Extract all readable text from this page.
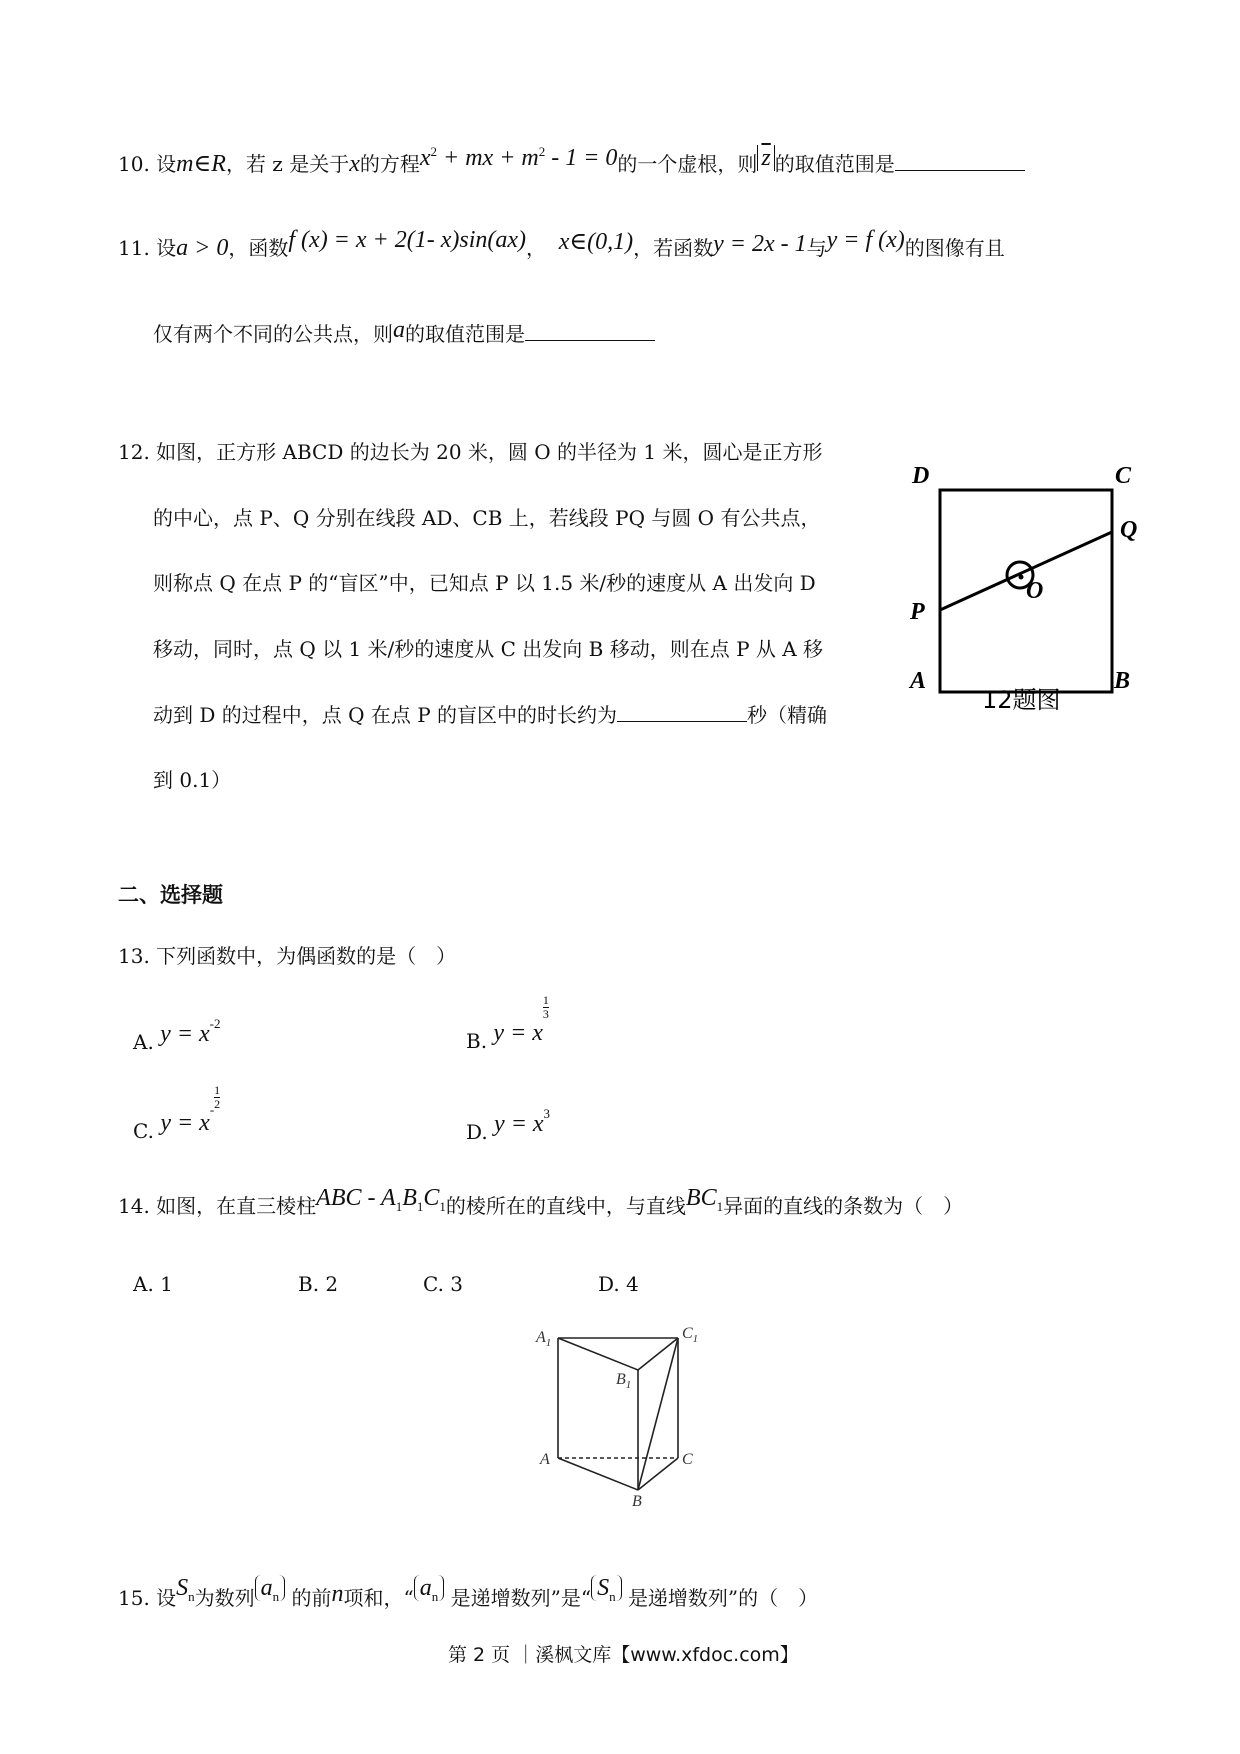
10. 设m∈R，若 z 是关于x的方程$x^2$ + mx + $m^2 - 1 = 0$的一个虚根，则 $\overline{z}$ 的取值范围是
11. 设a > 0，函数f (x) = x + 2(1- x)sin(ax)， x∈(0,1)，若函数y = 2x - 1与y = f (x)的图像有且
仅有两个不同的公共点，则a的取值范围是
12. 如图，正方形 ABCD 的边长为 20 米，圆 O 的半径为 1 米，圆心是正方形
的中心，点 P、Q 分别在线段 AD、CB 上，若线段 PQ 与圆 O 有公共点，
则称点 Q 在点 P 的“盲区”中，已知点 P 以 1.5 米/秒的速度从 A 出发向 D
移动，同时，点 Q 以 1 米/秒的速度从 C 出发向 B 移动，则在点 P 从 A 移
动到 D 的过程中，点 Q 在点 P 的盲区中的时长约为	秒（精确
到 0.1）
D	C
Q
P
O
A	B
12题图
二、选择题
13. 下列函数中，为偶函数的是（　）
A. $y = x^{-2}$
B. y = x
$\frac{1}{3}$
C. $y = x^- \frac{1}{2}$
D. $y = x^3$
14. 如图，在直三棱柱ABC - $A_1B_1C_1$的棱所在的直线中，与直线$BC_1$异面的直线的条数为（　）
A. 1	B. 2	C. 3	D. 4
$A_1$
$C_1$
$B_1$
A	C
B
15. 设$S_n$为数列 $a_n$ 的前n项和，“ $a_n$ 是递增数列”是“ $S_n$ 是递增数列”的（　）
第 2 页 ｜溪枫文库【www.xfdoc.com】
